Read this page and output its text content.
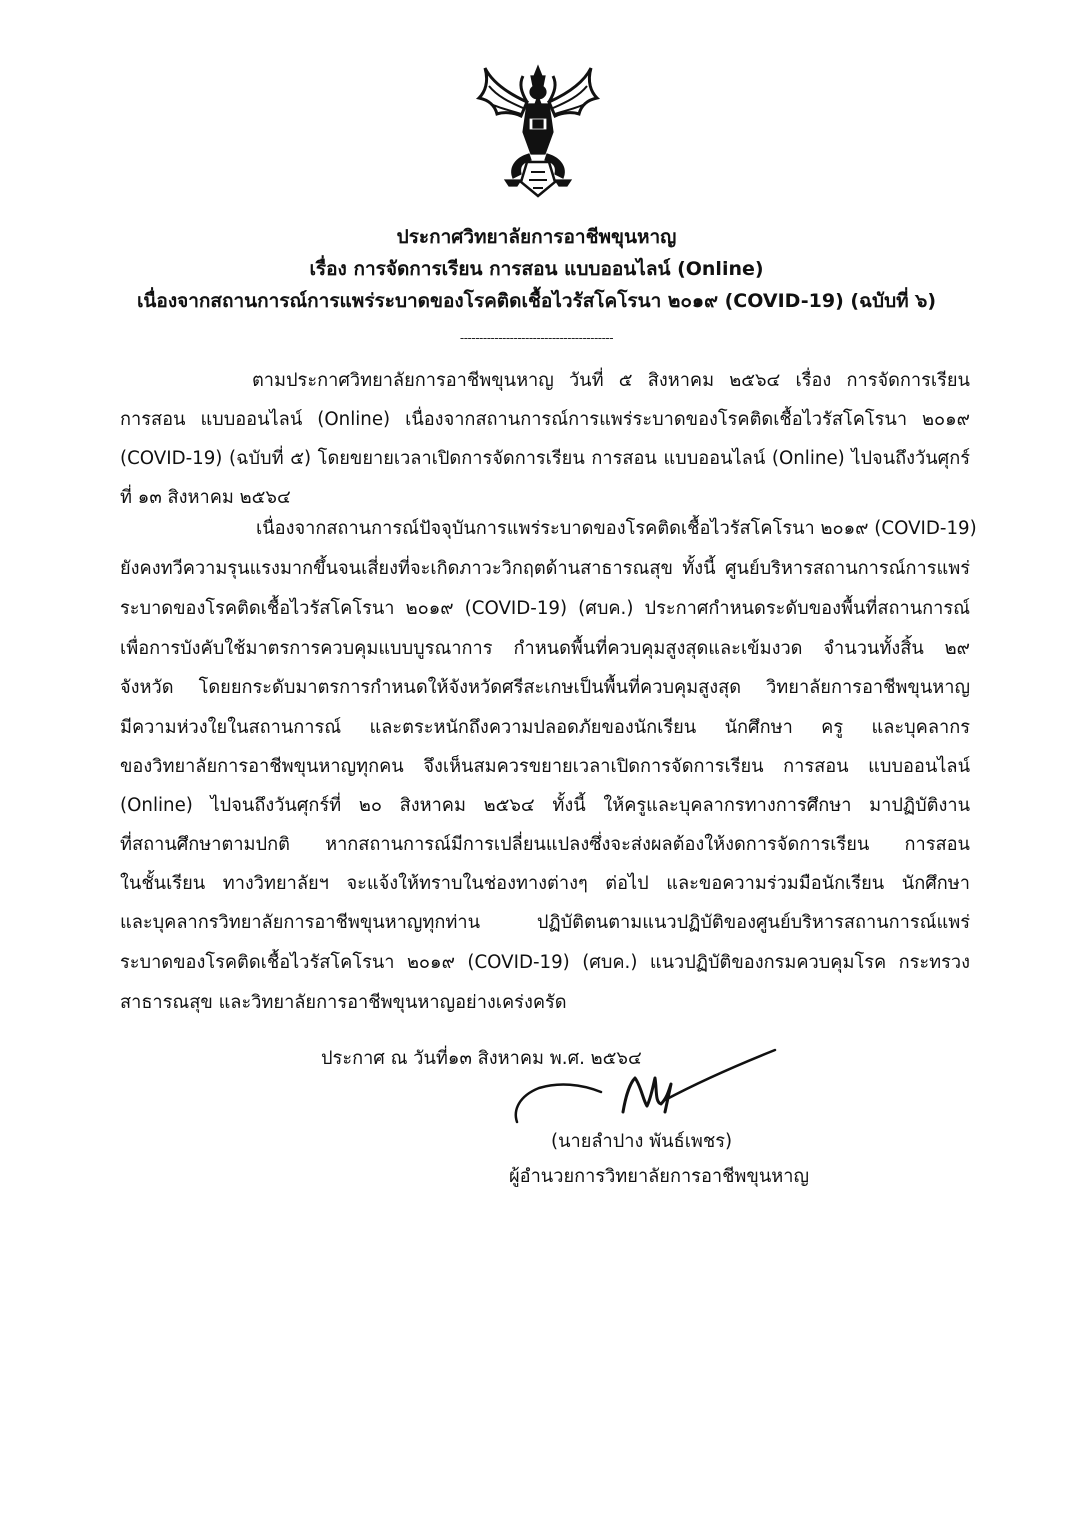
ประกาศวิทยาลัยการอาชีพขุนหาญ
เรื่อง การจัดการเรียน การสอน แบบออนไลน์ (Online)
เนื่องจากสถานการณ์การแพร่ระบาดของโรคติดเชื้อไวรัสโคโรนา ๒๐๑๙ (COVID-19) (ฉบับที่ ๖)
----------------------------------------

ตามประกาศวิทยาลัยการอาชีพขุนหาญ วันที่ ๕ สิงหาคม ๒๕๖๔ เรื่อง การจัดการเรียน

การสอน แบบออนไลน์ (Online) เนื่องจากสถานการณ์การแพร่ระบาดของโรคติดเชื้อไวรัสโคโรนา ๒๐๑๙

(COVID-19) (ฉบับที่ ๕) โดยขยายเวลาเปิดการจัดการเรียน การสอน แบบออนไลน์ (Online) ไปจนถึงวันศุกร์

ที่ ๑๓ สิงหาคม ๒๕๖๔

เนื่องจากสถานการณ์ปัจจุบันการแพร่ระบาดของโรคติดเชื้อไวรัสโคโรนา ๒๐๑๙ (COVID-19)

ยังคงทวีความรุนแรงมากขึ้นจนเสี่ยงที่จะเกิดภาวะวิกฤตด้านสาธารณสุข ทั้งนี้ ศูนย์บริหารสถานการณ์การแพร่

ระบาดของโรคติดเชื้อไวรัสโคโรนา ๒๐๑๙ (COVID-19) (ศบค.) ประกาศกำหนดระดับของพื้นที่สถานการณ์

เพื่อการบังคับใช้มาตรการควบคุมแบบบูรณาการ กำหนดพื้นที่ควบคุมสูงสุดและเข้มงวด จำนวนทั้งสิ้น ๒๙

จังหวัด โดยยกระดับมาตรการกำหนดให้จังหวัดศรีสะเกษเป็นพื้นที่ควบคุมสูงสุด วิทยาลัยการอาชีพขุนหาญ

มีความห่วงใยในสถานการณ์ และตระหนักถึงความปลอดภัยของนักเรียน นักศึกษา ครู และบุคลากร

ของวิทยาลัยการอาชีพขุนหาญทุกคน จึงเห็นสมควรขยายเวลาเปิดการจัดการเรียน การสอน แบบออนไลน์

(Online) ไปจนถึงวันศุกร์ที่ ๒๐ สิงหาคม ๒๕๖๔ ทั้งนี้ ให้ครูและบุคลากรทางการศึกษา มาปฏิบัติงาน

ที่สถานศึกษาตามปกติ หากสถานการณ์มีการเปลี่ยนแปลงซึ่งจะส่งผลต้องให้งดการจัดการเรียน การสอน

ในชั้นเรียน ทางวิทยาลัยฯ จะแจ้งให้ทราบในช่องทางต่างๆ ต่อไป และขอความร่วมมือนักเรียน นักศึกษา

และบุคลากรวิทยาลัยการอาชีพขุนหาญทุกท่าน ปฏิบัติตนตามแนวปฏิบัติของศูนย์บริหารสถานการณ์แพร่

ระบาดของโรคติดเชื้อไวรัสโคโรนา ๒๐๑๙ (COVID-19) (ศบค.) แนวปฏิบัติของกรมควบคุมโรค กระทรวง

สาธารณสุข และวิทยาลัยการอาชีพขุนหาญอย่างเคร่งครัด

ประกาศ ณ วันที่๑๓ สิงหาคม พ.ศ. ๒๕๖๔

(นายลำปาง พันธ์เพชร)

ผู้อำนวยการวิทยาลัยการอาชีพขุนหาญ
